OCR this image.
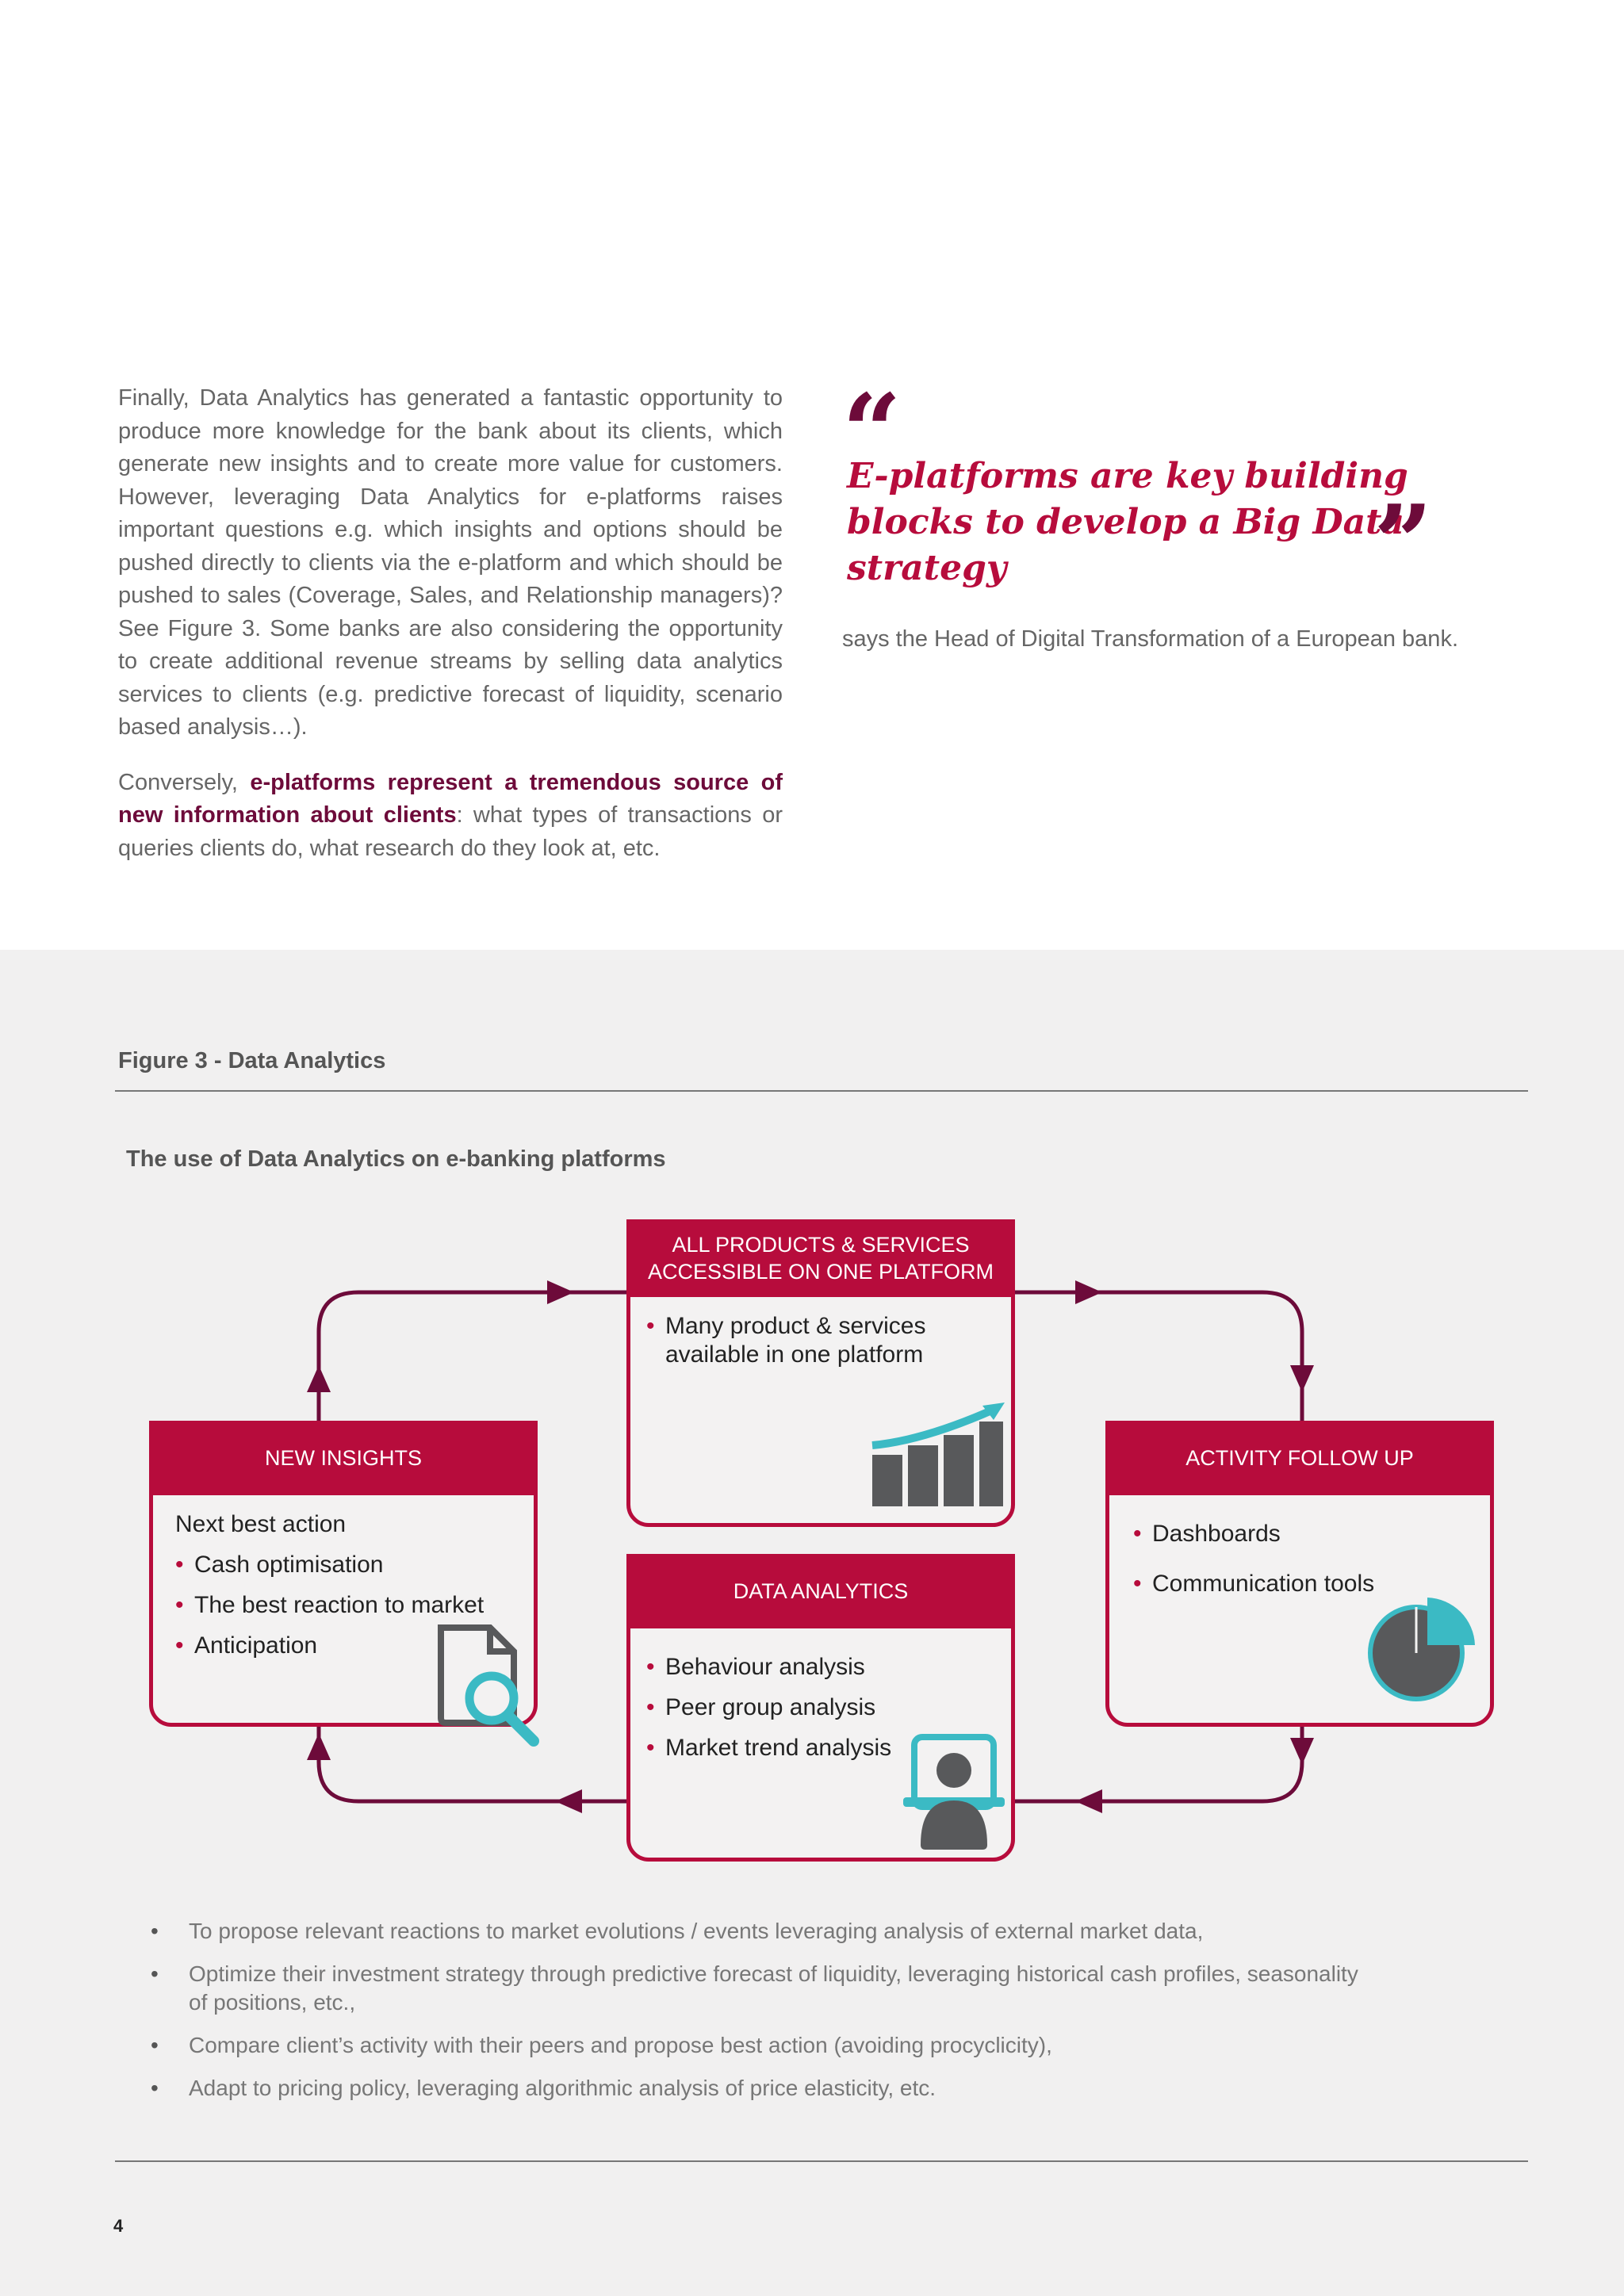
Finally, Data Analytics has generated a fantastic opportunity to produce more knowledge for the bank about its clients, which generate new insights and to create more value for customers. However, leveraging Data Analytics for e-platforms raises important questions e.g. which insights and options should be pushed directly to clients via the e-platform and which should be pushed to sales (Coverage, Sales, and Relationship managers)? See Figure 3. Some banks are also considering the opportunity to create additional revenue streams by selling data analytics services to clients (e.g. predictive forecast of liquidity, scenario based analysis…).

Conversely, e-platforms represent a tremendous source of new information about clients: what types of transactions or queries clients do, what research do they look at, etc.

“
E-platforms are key building blocks to develop a Big Data strategy	”
says the Head of Digital Transformation of a European bank.
Figure 3 - Data Analytics
The use of Data Analytics on e-banking platforms
ALL PRODUCTS & SERVICES
ACCESSIBLE ON ONE PLATFORM
• Many product & services
available in one platform
NEW INSIGHTS
Next best action
• Cash optimisation
• The best reaction to market
• Anticipation
ACTIVITY FOLLOW UP
• Dashboards
• Communication tools
DATA ANALYTICS
• Behaviour analysis
• Peer group analysis
• Market trend analysis
• To propose relevant reactions to market evolutions / events leveraging analysis of external market data,
• Optimize their investment strategy through predictive forecast of liquidity, leveraging historical cash profiles, seasonality of positions, etc.,
• Compare client’s activity with their peers and propose best action (avoiding procyclicity),
• Adapt to pricing policy, leveraging algorithmic analysis of price elasticity, etc.
4
